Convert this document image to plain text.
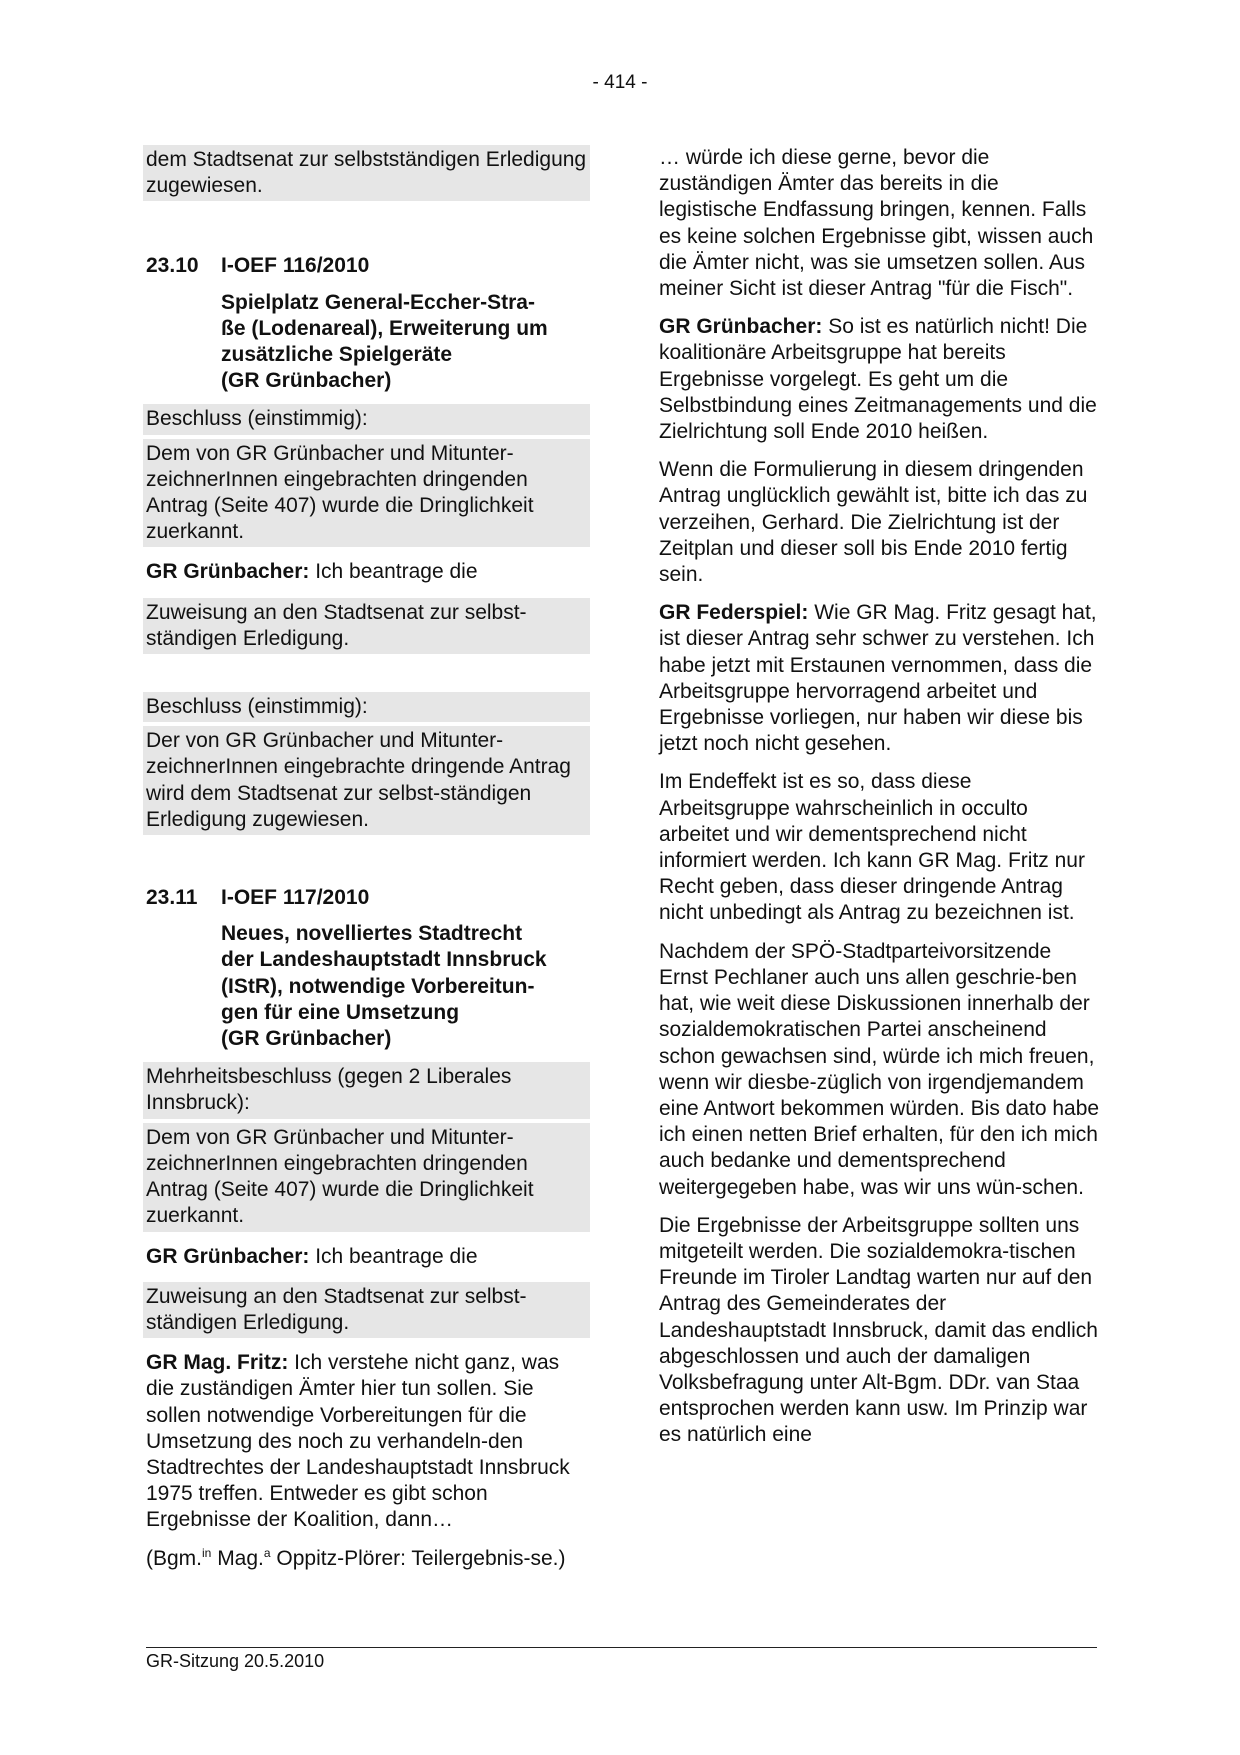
- 414 -
dem Stadtsenat zur selbstständigen Erledigung zugewiesen.
23.10	I-OEF 116/2010
Spielplatz General-Eccher-Stra-
ße (Lodenareal), Erweiterung um
zusätzliche Spielgeräte
(GR Grünbacher)
Beschluss (einstimmig):
Dem von GR Grünbacher und Mitunter-zeichnerInnen eingebrachten dringenden Antrag (Seite 407) wurde die Dringlichkeit zuerkannt.
GR Grünbacher: Ich beantrage die
Zuweisung an den Stadtsenat zur selbst-ständigen Erledigung.
Beschluss (einstimmig):
Der von GR Grünbacher und Mitunter-zeichnerInnen eingebrachte dringende Antrag wird dem Stadtsenat zur selbst-ständigen Erledigung zugewiesen.
23.11	I-OEF 117/2010
Neues, novelliertes Stadtrecht
der Landeshauptstadt Innsbruck
(IStR), notwendige Vorbereitun-
gen für eine Umsetzung
(GR Grünbacher)
Mehrheitsbeschluss (gegen 2 Liberales Innsbruck):
Dem von GR Grünbacher und Mitunter-zeichnerInnen eingebrachten dringenden Antrag (Seite 407) wurde die Dringlichkeit zuerkannt.
GR Grünbacher: Ich beantrage die
Zuweisung an den Stadtsenat zur selbst-ständigen Erledigung.
GR Mag. Fritz: Ich verstehe nicht ganz, was die zuständigen Ämter hier tun sollen. Sie sollen notwendige Vorbereitungen für die Umsetzung des noch zu verhandeln-den Stadtrechtes der Landeshauptstadt Innsbruck 1975 treffen. Entweder es gibt schon Ergebnisse der Koalition, dann…
(Bgm.$^{in}$ Mag.$^a$ Oppitz-Plörer: Teilergebnis-se.)
… würde ich diese gerne, bevor die zuständigen Ämter das bereits in die legistische Endfassung bringen, kennen. Falls es keine solchen Ergebnisse gibt, wissen auch die Ämter nicht, was sie umsetzen sollen. Aus meiner Sicht ist dieser Antrag "für die Fisch".
GR Grünbacher: So ist es natürlich nicht! Die koalitionäre Arbeitsgruppe hat bereits Ergebnisse vorgelegt. Es geht um die Selbstbindung eines Zeitmanagements und die Zielrichtung soll Ende 2010 heißen.
Wenn die Formulierung in diesem dringenden Antrag unglücklich gewählt ist, bitte ich das zu verzeihen, Gerhard. Die Zielrichtung ist der Zeitplan und dieser soll bis Ende 2010 fertig sein.
GR Federspiel: Wie GR Mag. Fritz gesagt hat, ist dieser Antrag sehr schwer zu verstehen. Ich habe jetzt mit Erstaunen vernommen, dass die Arbeitsgruppe hervorragend arbeitet und Ergebnisse vorliegen, nur haben wir diese bis jetzt noch nicht gesehen.
Im Endeffekt ist es so, dass diese Arbeitsgruppe wahrscheinlich in occulto arbeitet und wir dementsprechend nicht informiert werden. Ich kann GR Mag. Fritz nur Recht geben, dass dieser dringende Antrag nicht unbedingt als Antrag zu bezeichnen ist.
Nachdem der SPÖ-Stadtparteivorsitzende Ernst Pechlaner auch uns allen geschrie-ben hat, wie weit diese Diskussionen innerhalb der sozialdemokratischen Partei anscheinend schon gewachsen sind, würde ich mich freuen, wenn wir diesbe-züglich von irgendjemandem eine Antwort bekommen würden. Bis dato habe ich einen netten Brief erhalten, für den ich mich auch bedanke und dementsprechend weitergegeben habe, was wir uns wün-schen.
Die Ergebnisse der Arbeitsgruppe sollten uns mitgeteilt werden. Die sozialdemokra-tischen Freunde im Tiroler Landtag warten nur auf den Antrag des Gemeinderates der Landeshauptstadt Innsbruck, damit das endlich abgeschlossen und auch der damaligen Volksbefragung unter Alt-Bgm. DDr. van Staa entsprochen werden kann usw. Im Prinzip war es natürlich eine
GR-Sitzung 20.5.2010
